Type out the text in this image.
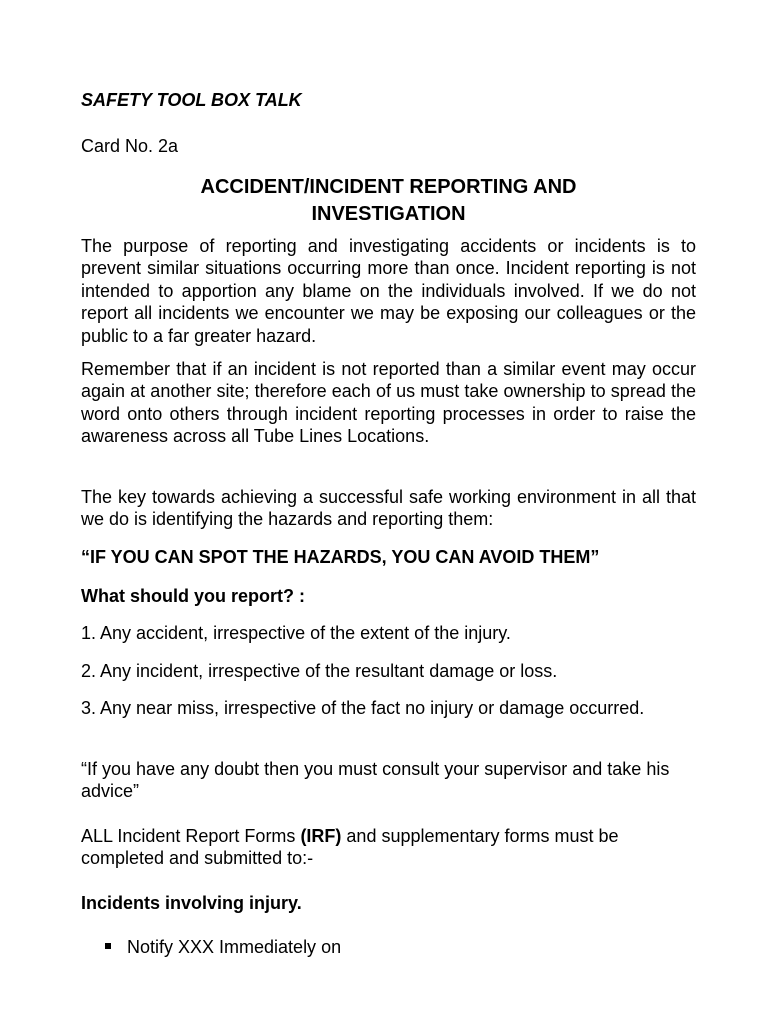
SAFETY TOOL BOX TALK
Card No. 2a
ACCIDENT/INCIDENT REPORTING AND
INVESTIGATION

The purpose of reporting and investigating accidents or incidents is to prevent similar situations occurring more than once. Incident reporting is not intended to apportion any blame on the individuals involved. If we do not report all incidents we encounter we may be exposing our colleagues or the public to a far greater hazard.

Remember that if an incident is not reported than a similar event may occur again at another site; therefore each of us must take ownership to spread the word onto others through incident reporting processes in order to raise the awareness across all Tube Lines Locations.

The key towards achieving a successful safe working environment in all that we do is identifying the hazards and reporting them:

“IF YOU CAN SPOT THE HAZARDS, YOU CAN AVOID THEM”
What should you report? :
1. Any accident, irrespective of the extent of the injury.
2. Any incident, irrespective of the resultant damage or loss.
3. Any near miss, irrespective of the fact no injury or damage occurred.
“If you have any doubt then you must consult your supervisor and take his advice”
ALL Incident Report Forms (IRF) and supplementary forms must be completed and submitted to:-
Incidents involving injury.
Notify XXX Immediately on
